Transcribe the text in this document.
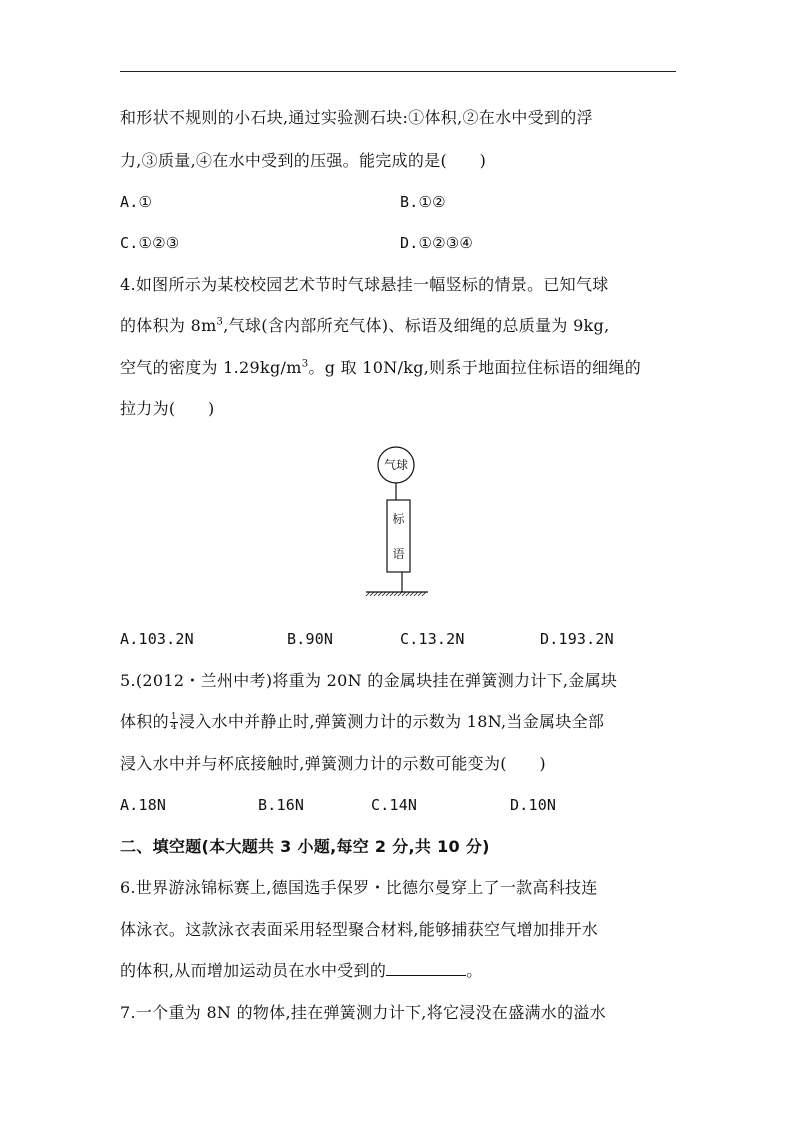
和形状不规则的小石块,通过实验测石块:①体积,②在水中受到的浮
力,③质量,④在水中受到的压强。能完成的是(　　)
A.①	B.①②
C.①②③	D.①②③④
4.如图所示为某校校园艺术节时气球悬挂一幅竖标的情景。已知气球
的体积为 $8m^3$,气球(含内部所充气体)、标语及细绳的总质量为 9kg,
空气的密度为 $1.29kg/m^3$。g 取 10N/kg,则系于地面拉住标语的细绳的
拉力为(　　)
气球
标
语
A.103.2N	B.90N	C.13.2N	D.193.2N
5.(2012・兰州中考)将重为 20N 的金属块挂在弹簧测力计下,金属块
体积的 $\frac{1}{4}$ 浸入水中并静止时,弹簧测力计的示数为 18N,当金属块全部
浸入水中并与杯底接触时,弹簧测力计的示数可能变为(　　)
A.18N	B.16N	C.14N	D.10N
二、填空题(本大题共 3 小题,每空 2 分,共 10 分)
6.世界游泳锦标赛上,德国选手保罗・比德尔曼穿上了一款高科技连
体泳衣。这款泳衣表面采用轻型聚合材料,能够捕获空气增加排开水
的体积,从而增加运动员在水中受到的	。
7.一个重为 8N 的物体,挂在弹簧测力计下,将它浸没在盛满水的溢水
